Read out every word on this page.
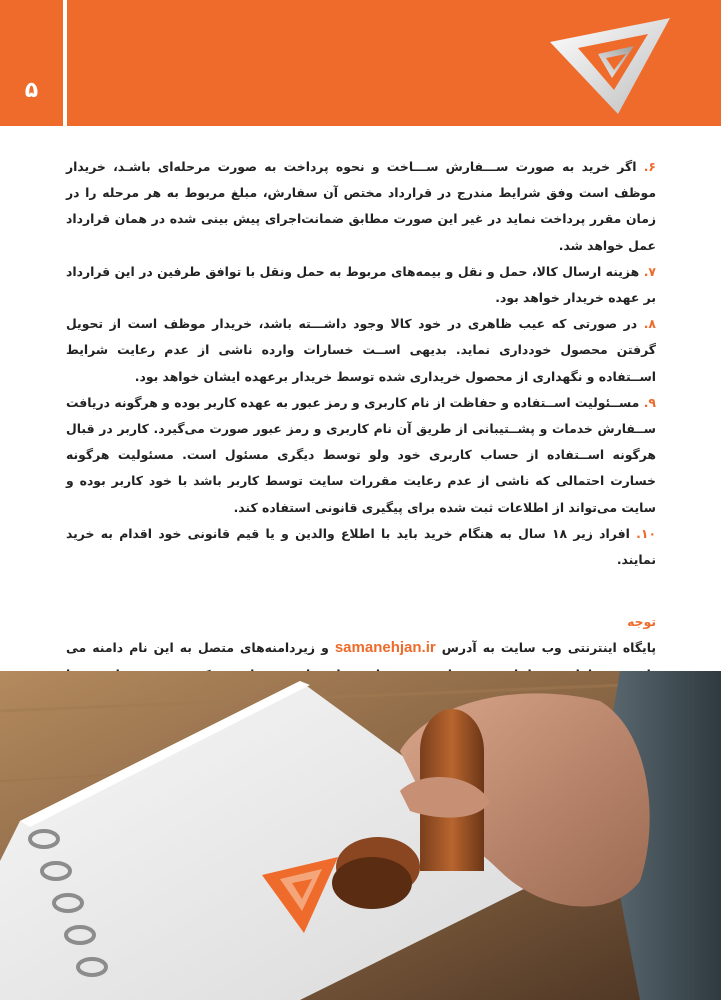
۵

۶. اگر خرید به صورت ســـفارش ســـاخت و نحوه پرداخت به صورت مرحله‌ای باشـد، خریدار موظف است وفق شرایط مندرج در قرارداد مختص آن سفارش، مبلغ مربوط به هر مرحله را در زمان مقرر پرداخت نماید در غیر این صورت مطابق ضمانت‌اجرای پیش بینی شده در همان قرارداد عمل خواهد شد.

۷. هزینه ارسال کالا، حمل و نقل و بیمه‌های مربوط به حمل ونقل با توافق طرفین در این قرارداد بر عهده خریدار خواهد بود.

۸. در صورتی که عیب ظاهری در خود کالا وجود داشـــته باشد، خریدار موظف است از تحویل گرفتن محصول خودداری نماید. بدیهی اســت خسارات وارده ناشی از عدم رعایت شرایط اســتفاده و نگهداری از محصول خریداری شده توسط خریدار برعهده ایشان خواهد بود.

۹. مســئولیت اســتفاده و حفاظت از نام کاربری و رمز عبور به عهده کاربر بوده و هرگونه دریافت ســفارش خدمات و پشــتیبانی از طریق آن نام کاربری و رمز عبور صورت می‌گیرد. کاربر در قبال هرگونه اســتفاده از حساب کاربری خود ولو توسط دیگری مسئول است. مسئولیت هرگونه خسارت احتمالی که ناشی از عدم رعایت مقررات سایت توسط کاربر باشد با خود کاربر بوده و سایت می‌تواند از اطلاعات ثبت شده برای پیگیری قانونی استفاده کند.

۱۰. افراد زیر ۱۸ سال به هنگام خرید باید با اطلاع والدین و یا قیم قانونی خود اقدام به خرید نمایند.

توجه

پایگاه اینترنتی وب سایت به آدرس samanehjan.ir و زیردامنه‌های متصل به این نام دامنه می
